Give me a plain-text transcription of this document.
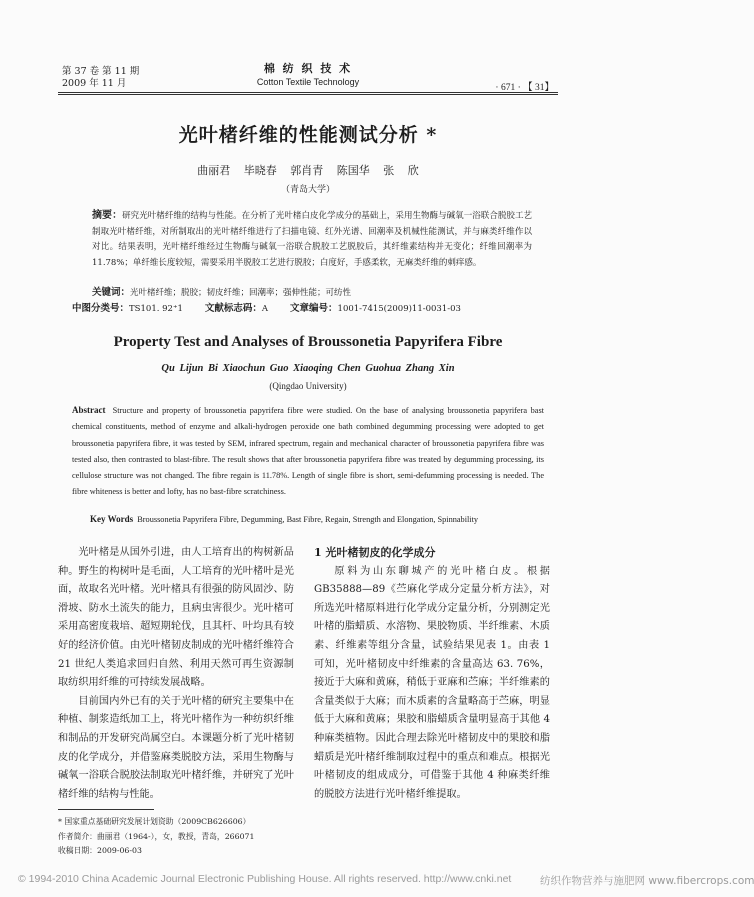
第 37 卷 第 11 期
2009 年 11 月
棉 纺 织 技 术
Cotton Textile Technology
· 671 · 【 31】
光叶楮纤维的性能测试分析 *
曲丽君 毕晓春 郭肖青 陈国华 张 欣
（青岛大学）
摘要：研究光叶楮纤维的结构与性能。在分析了光叶楮白皮化学成分的基础上，采用生物酶与碱氧一浴联合脱胶工艺制取光叶楮纤维，对所制取出的光叶楮纤维进行了扫描电镜、红外光谱、回潮率及机械性能测试，并与麻类纤维作以对比。结果表明，光叶楮纤维经过生物酶与碱氧一浴联合脱胶工艺脱胶后，其纤维素结构并无变化；纤维回潮率为 11.78%；单纤维长度较短，需要采用半脱胶工艺进行脱胶；白度好，手感柔软，无麻类纤维的刺痒感。
关键词：光叶楮纤维；脱胶；韧皮纤维；回潮率；强伸性能；可纺性
中图分类号：TS101. 92⁺1 文献标志码：A 文章编号：1001-7415(2009)11-0031-03
Property Test and Analyses of Broussonetia Papyrifera Fibre
Qu Lijun Bi Xiaochun Guo Xiaoqing Chen Guohua Zhang Xin
(Qingdao University)
Abstract Structure and property of broussonetia papyrifera fibre were studied. On the base of analysing broussonetia papyrifera bast chemical constituents, method of enzyme and alkali-hydrogen peroxide one bath combined degumming processing were adopted to get broussonetia papyrifera fibre, it was tested by SEM, infrared spectrum, regain and mechanical character of broussonetia papyrifera fibre was tested also, then contrasted to blast-fibre. The result shows that after broussonetia papyrifera fibre was treated by degumming processing, its cellulose structure was not changed. The fibre regain is 11.78%. Length of single fibre is short, semi-defumming processing is needed. The fibre whiteness is better and lofty, has no bast-fibre scratchiness.
Key Words Broussonetia Papyrifera Fibre, Degumming, Bast Fibre, Regain, Strength and Elongation, Spinnability

光叶楮是从国外引进，由人工培育出的构树新品种。野生的构树叶是毛面，人工培育的光叶楮叶是光面，故取名光叶楮。光叶楮具有很强的防风固沙、防滑坡、防水土流失的能力，且病虫害很少。光叶楮可采用高密度栽培、超短期轮伐，且其杆、叶均具有较好的经济价值。由光叶楮韧皮制成的光叶楮纤维符合 21 世纪人类追求回归自然、利用天然可再生资源制取纺织用纤维的可持续发展战略。

目前国内外已有的关于光叶楮的研究主要集中在种植、制浆造纸加工上，将光叶楮作为一种纺织纤维和制品的开发研究尚属空白。本课题分析了光叶楮韧皮的化学成分，并借鉴麻类脱胶方法，采用生物酶与碱氧一浴联合脱胶法制取光叶楮纤维，并研究了光叶楮纤维的结构与性能。

1 光叶楮韧皮的化学成分

原料为山东聊城产的光叶楮白皮。根据 GB35888—89《苎麻化学成分定量分析方法》，对所选光叶楮原料进行化学成分定量分析，分别测定光叶楮的脂蜡质、水溶物、果胶物质、半纤维素、木质素、纤维素等组分含量，试验结果见表 1。由表 1 可知，光叶楮韧皮中纤维素的含量高达 63. 76%，接近于大麻和黄麻，稍低于亚麻和苎麻；半纤维素的含量类似于大麻；而木质素的含量略高于苎麻，明显低于大麻和黄麻；果胶和脂蜡质含量明显高于其他 4 种麻类植物。因此合理去除光叶楮韧皮中的果胶和脂蜡质是光叶楮纤维制取过程中的重点和难点。根据光叶楮韧皮的组成成分，可借鉴于其他 4 种麻类纤维的脱胶方法进行光叶楮纤维提取。

* 国家重点基础研究发展计划资助（2009CB626606）
作者简介：曲丽君（1964-），女，教授，青岛，266071
收稿日期：2009-06-03
© 1994-2010 China Academic Journal Electronic Publishing House. All rights reserved. http://www.cnki.net	纺织作物营养与施肥网 www.fibercrops.com
